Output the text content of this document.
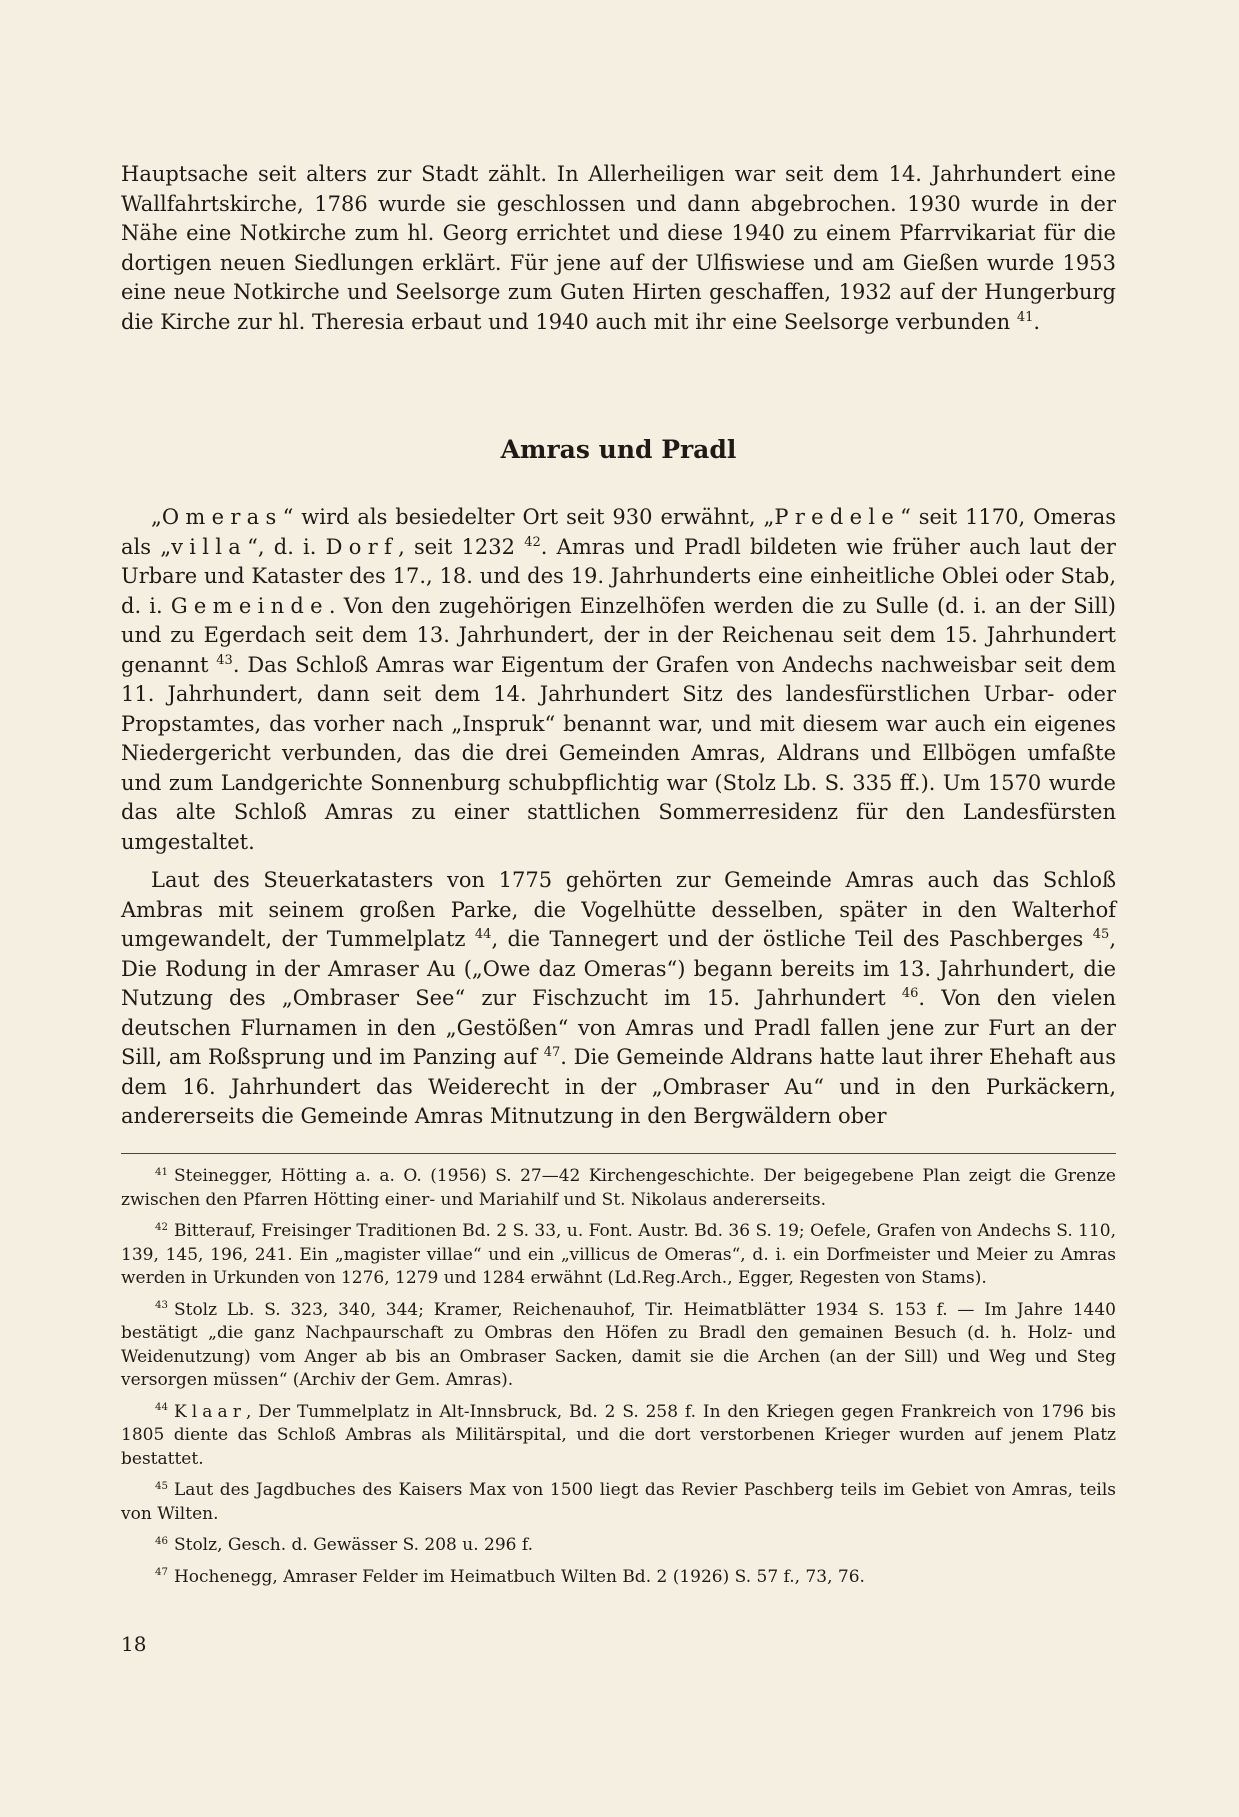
Hauptsache seit alters zur Stadt zählt. In Allerheiligen war seit dem 14. Jahrhundert eine Wallfahrtskirche, 1786 wurde sie geschlossen und dann abgebrochen. 1930 wurde in der Nähe eine Notkirche zum hl. Georg errichtet und diese 1940 zu einem Pfarrvikariat für die dortigen neuen Siedlungen erklärt. Für jene auf der Ulfiswiese und am Gießen wurde 1953 eine neue Notkirche und Seelsorge zum Guten Hirten geschaffen, 1932 auf der Hungerburg die Kirche zur hl. Theresia erbaut und 1940 auch mit ihr eine Seelsorge verbunden $^{41}$.

Amras und Pradl

„Omeras“ wird als besiedelter Ort seit 930 erwähnt, „Predele“ seit 1170, Omeras als „villa“, d. i. Dorf, seit 1232 $^{42}$. Amras und Pradl bildeten wie früher auch laut der Urbare und Kataster des 17., 18. und des 19. Jahrhunderts eine einheitliche Oblei oder Stab, d. i. Gemeinde. Von den zugehörigen Einzelhöfen werden die zu Sulle (d. i. an der Sill) und zu Egerdach seit dem 13. Jahrhundert, der in der Reichenau seit dem 15. Jahrhundert genannt $^{43}$. Das Schloß Amras war Eigentum der Grafen von Andechs nachweisbar seit dem 11. Jahrhundert, dann seit dem 14. Jahrhundert Sitz des landesfürstlichen Urbar- oder Propstamtes, das vorher nach „Inspruk“ benannt war, und mit diesem war auch ein eigenes Niedergericht verbunden, das die drei Gemeinden Amras, Aldrans und Ellbögen umfaßte und zum Landgerichte Sonnenburg schubpflichtig war (Stolz Lb. S. 335 ff.). Um 1570 wurde das alte Schloß Amras zu einer stattlichen Sommerresidenz für den Landesfürsten umgestaltet.

Laut des Steuerkatasters von 1775 gehörten zur Gemeinde Amras auch das Schloß Ambras mit seinem großen Parke, die Vogelhütte desselben, später in den Walterhof umgewandelt, der Tummelplatz $^{44}$, die Tannegert und der östliche Teil des Paschberges $^{45}$, Die Rodung in der Amraser Au („Owe daz Omeras“) begann bereits im 13. Jahrhundert, die Nutzung des „Ombraser See“ zur Fischzucht im 15. Jahrhundert $^{46}$. Von den vielen deutschen Flurnamen in den „Gestößen“ von Amras und Pradl fallen jene zur Furt an der Sill, am Roßsprung und im Panzing auf $^{47}$. Die Gemeinde Aldrans hatte laut ihrer Ehehaft aus dem 16. Jahrhundert das Weiderecht in der „Ombraser Au“ und in den Purkäckern, andererseits die Gemeinde Amras Mitnutzung in den Bergwäldern ober

$^{41}$ Steinegger, Hötting a. a. O. (1956) S. 27—42 Kirchengeschichte. Der beigegebene Plan zeigt die Grenze zwischen den Pfarren Hötting einer- und Mariahilf und St. Nikolaus andererseits.

$^{42}$ Bitterauf, Freisinger Traditionen Bd. 2 S. 33, u. Font. Austr. Bd. 36 S. 19; Oefele, Grafen von Andechs S. 110, 139, 145, 196, 241. Ein „magister villae“ und ein „villicus de Omeras“, d. i. ein Dorfmeister und Meier zu Amras werden in Urkunden von 1276, 1279 und 1284 erwähnt (Ld.Reg.Arch., Egger, Regesten von Stams).

$^{43}$ Stolz Lb. S. 323, 340, 344; Kramer, Reichenauhof, Tir. Heimatblätter 1934 S. 153 f. — Im Jahre 1440 bestätigt „die ganz Nachpaurschaft zu Ombras den Höfen zu Bradl den gemainen Besuch (d. h. Holz- und Weidenutzung) vom Anger ab bis an Ombraser Sacken, damit sie die Archen (an der Sill) und Weg und Steg versorgen müssen“ (Archiv der Gem. Amras).

$^{44}$ Klaar, Der Tummelplatz in Alt-Innsbruck, Bd. 2 S. 258 f. In den Kriegen gegen Frankreich von 1796 bis 1805 diente das Schloß Ambras als Militärspital, und die dort verstorbenen Krieger wurden auf jenem Platz bestattet.

$^{45}$ Laut des Jagdbuches des Kaisers Max von 1500 liegt das Revier Paschberg teils im Gebiet von Amras, teils von Wilten.

$^{46}$ Stolz, Gesch. d. Gewässer S. 208 u. 296 f.

$^{47}$ Hochenegg, Amraser Felder im Heimatbuch Wilten Bd. 2 (1926) S. 57 f., 73, 76.

18
